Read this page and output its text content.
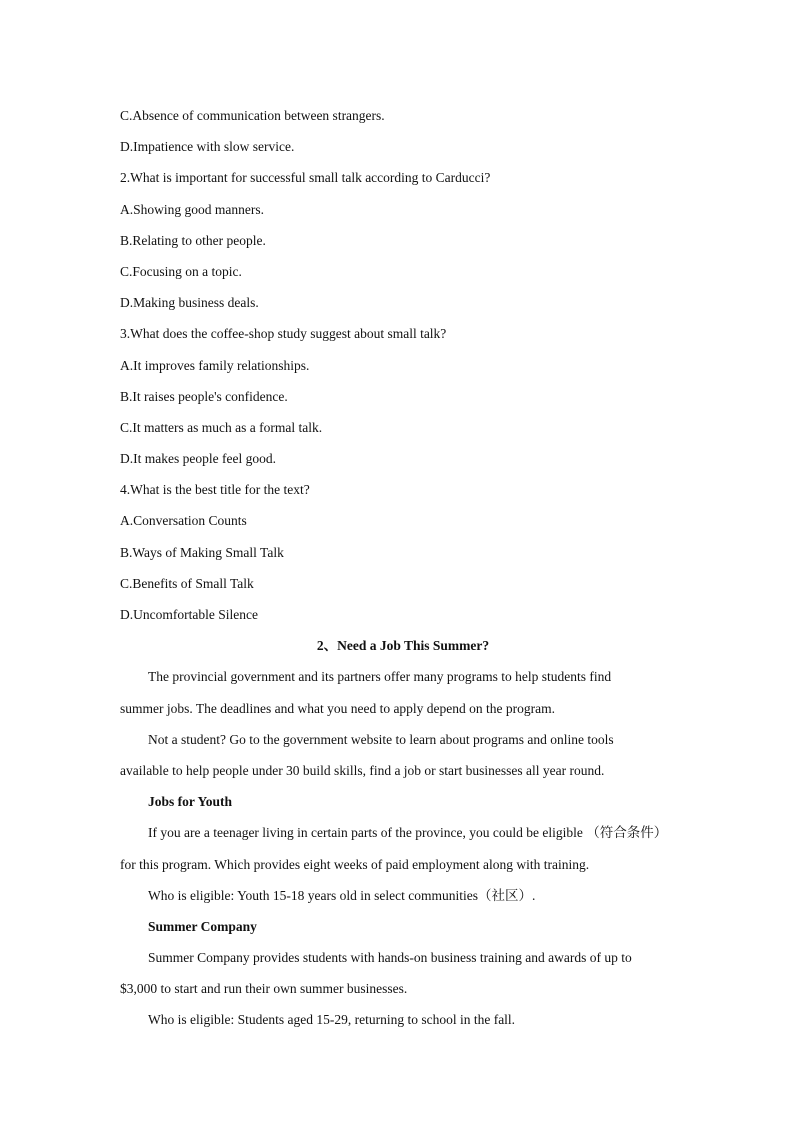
C.Absence of communication between strangers.
D.Impatience with slow service.
2.What is important for successful small talk according to Carducci?
A.Showing good manners.
B.Relating to other people.
C.Focusing on a topic.
D.Making business deals.
3.What does the coffee-shop study suggest about small talk?
A.It improves family relationships.
B.It raises people's confidence.
C.It matters as much as a formal talk.
D.It makes people feel good.
4.What is the best title for the text?
A.Conversation Counts
B.Ways of Making Small Talk
C.Benefits of Small Talk
D.Uncomfortable Silence
2、Need a Job This Summer?
The provincial government and its partners offer many programs to help students find
summer jobs. The deadlines and what you need to apply depend on the program.
Not a student? Go to the government website to learn about programs and online tools
available to help people under 30 build skills, find a job or start businesses all year round.
Jobs for Youth
If you are a teenager living in certain parts of the province, you could be eligible （符合条件）
for this program. Which provides eight weeks of paid employment along with training.
Who is eligible: Youth 15-18 years old in select communities（社区）.
Summer Company
Summer Company provides students with hands-on business training and awards of up to
$3,000 to start and run their own summer businesses.
Who is eligible: Students aged 15-29, returning to school in the fall.
